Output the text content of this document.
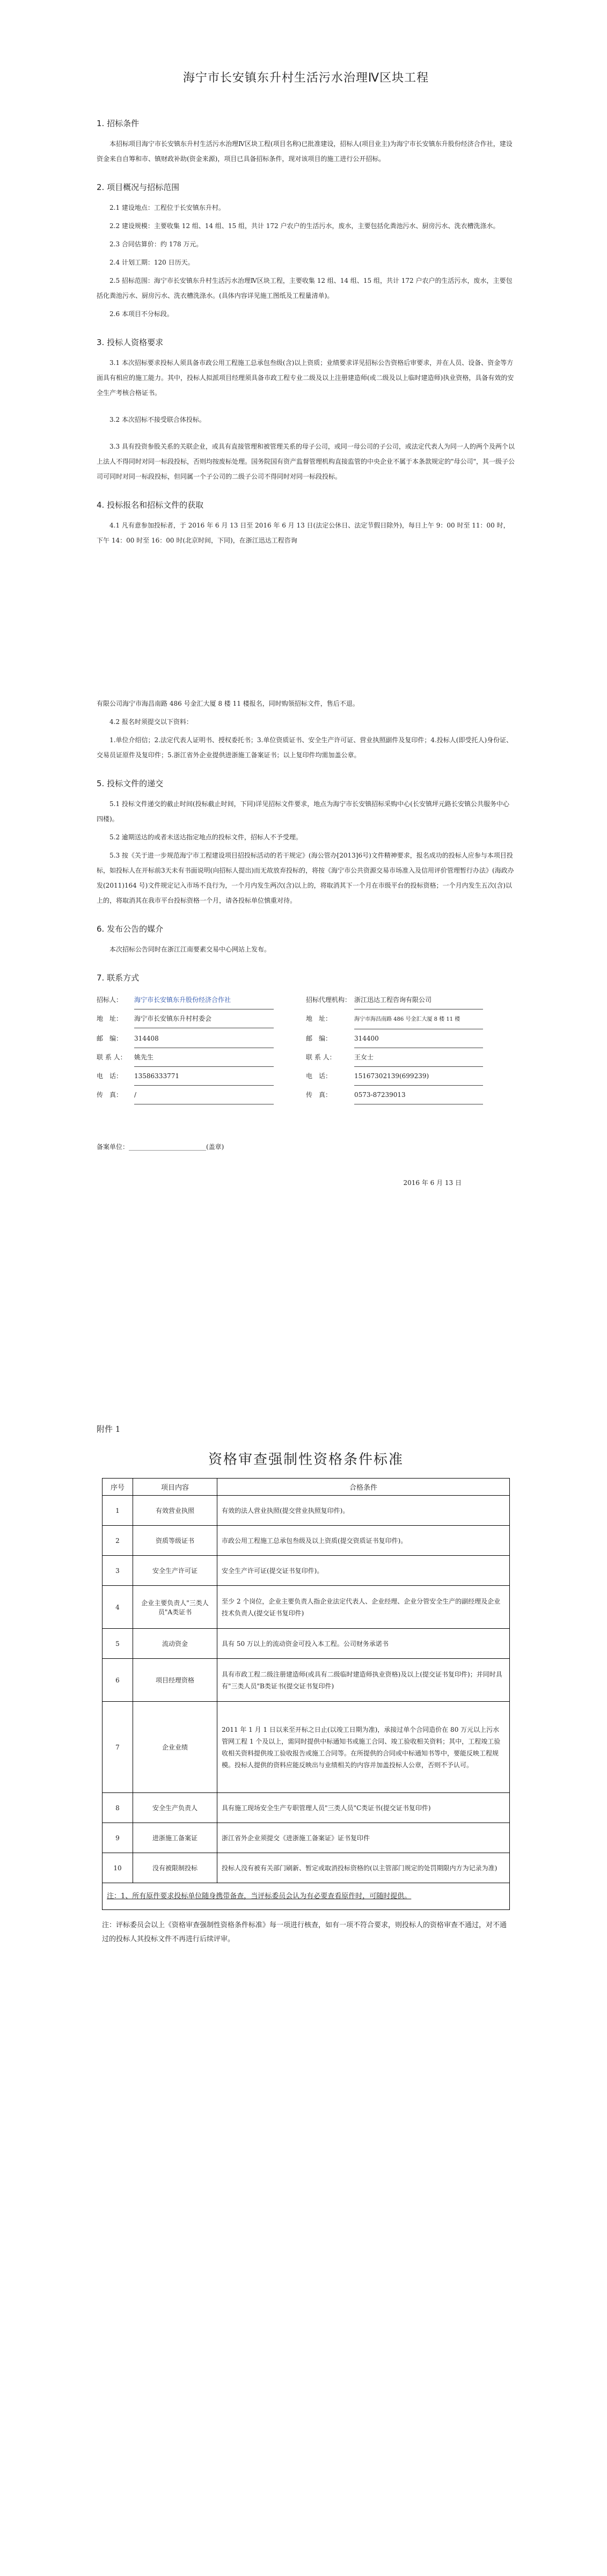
海宁市长安镇东升村生活污水治理Ⅳ区块工程
1. 招标条件

本招标项目海宁市长安镇东升村生活污水治理Ⅳ区块工程(项目名称)已批准建设，招标人(项目业主)为海宁市长安镇东升股份经济合作社，建设资金来自自筹和市、镇财政补助(资金来源)，项目已具备招标条件，现对该项目的施工进行公开招标。

2. 项目概况与招标范围

2.1 建设地点：工程位于长安镇东升村。

2.2 建设规模：主要收集 12 组、14 组、15 组，共计 172 户农户的生活污水，废水，主要包括化粪池污水、厨房污水、洗衣槽洗涤水。

2.3 合同估算价：约 178 万元。

2.4 计划工期：120 日历天。

2.5 招标范围：海宁市长安镇东升村生活污水治理Ⅳ区块工程，主要收集 12 组、14 组、15 组，共计 172 户农户的生活污水，废水，主要包括化粪池污水、厨房污水、洗衣槽洗涤水。(具体内容详见施工图纸及工程量清单)。

2.6 本项目不分标段。

3. 投标人资格要求

3.1 本次招标要求投标人须具备市政公用工程施工总承包叁级(含)以上资质；业绩要求详见招标公告资格后审要求，并在人员、设备、资金等方面具有相应的施工能力。其中，投标人拟派项目经理须具备市政工程专业二级及以上注册建造师(或二级及以上临时建造师)执业资格，具备有效的安全生产考核合格证书。

3.2 本次招标不接受联合体投标。

3.3 具有投资参股关系的关联企业，或具有直接管理和被管理关系的母子公司，或同一母公司的子公司，或法定代表人为同一人的两个及两个以上法人不得同时对同一标段投标，否则均按废标处理。国务院国有资产监督管理机构直接监管的中央企业不属于本条款规定的"母公司"，其一级子公司可同时对同一标段投标，但同属一个子公司的二级子公司不得同时对同一标段投标。

4. 投标报名和招标文件的获取

4.1 凡有意参加投标者，于 2016 年 6 月 13 日至 2016 年 6 月 13 日(法定公休日、法定节假日除外)，每日上午 9：00 时至 11：00 时，下午 14：00 时至 16：00 时(北京时间，下同)，在浙江迅达工程咨询

有限公司海宁市海昌南路 486 号金汇大厦 8 楼 11 楼报名，同时购领招标文件，售后不退。

4.2 报名时须提交以下资料：

1.单位介绍信；2.法定代表人证明书、授权委托书；3.单位资质证书、安全生产许可证、营业执照副件及复印件；4.投标人(即受托人)身份证、交易员证原件及复印件；5.浙江省外企业提供进浙施工备案证书；以上复印件均需加盖公章。

5. 投标文件的递交

5.1 投标文件递交的截止时间(投标截止时间，下同)详见招标文件要求，地点为海宁市长安镇招标采购中心(长安镇坪元路长安镇公共服务中心四楼)。

5.2 逾期送达的或者未送达指定地点的投标文件，招标人不予受理。

5.3 按《关于进一步规范海宁市工程建设项目招投标活动的若干规定》(海公管办[2013]6号)文件精神要求，报名成功的投标人应参与本项目投标，如投标人在开标前3天未有书面说明(向招标人提出)而无故放弃投标的，将按《海宁市公共资源交易市场准入及信用评价管理暂行办法》(海政办发(2011)164 号)文件规定记入市场不良行为，一个月内发生两次(含)以上的，将取消其下一个月在市级平台的投标资格；一个月内发生五次(含)以上的，将取消其在我市平台投标资格一个月，请各投标单位慎重对待。

6. 发布公告的媒介

本次招标公告同时在浙江江南要素交易中心网站上发布。

7. 联系方式
招标人： 海宁市长安镇东升股份经济合作社	招标代理机构： 浙江迅达工程咨询有限公司
地　址： 海宁市长安镇东升村村委会	地　址：	海宁市海昌南路 486 号金汇大厦 8 楼 11 楼
邮　编： 314408	邮　编：	314400
联 系 人： 姚先生	联 系 人：	王女士
电　话： 13586333771	电　话：	15167302139(699239)
传　真： /	传　真：	0573-87239013
备案单位：________________________(盖章)
2016 年 6 月 13 日
附件 1
资格审查强制性资格条件标准
序号	项目内容	合格条件
1	有效营业执照	有效的法人营业执照(提交营业执照复印件)。
2	资质等级证书	市政公用工程施工总承包叁级及以上资质(提交资质证书复印件)。
3	安全生产许可证	安全生产许可证(提交证书复印件)。
4	企业主要负责人"三类人员"A类证书	至少 2 个岗位，企业主要负责人指企业法定代表人、企业经理、企业分管安全生产的副经理及企业技术负责人(提交证书复印件)
5	流动资金	具有 50 万以上的流动资金可投入本工程。公司财务承诺书
6	项目经理资格	具有市政工程二级注册建造师(或具有二级临时建造师执业资格)及以上(提交证书复印件)；并同时具有"三类人员"B类证书(提交证书复印件)
7	企业业绩	2011 年 1 月 1 日以来至开标之日止(以竣工日期为准)，承接过单个合同造价在 80 万元以上污水管网工程 1 个及以上，需同时提供中标通知书或施工合同、竣工验收相关资料；其中，工程竣工验收相关资料提供竣工验收报告或施工合同等。在所提供的合同或中标通知书等中，要能反映工程规模。投标人提供的资料应能反映出与业绩相关的内容并加盖投标人公章，否则不予认可。
8	安全生产负责人	具有施工现场安全生产专职管理人员"三类人员"C类证书(提交证书复印件)
9	进浙施工备案证	浙江省外企业须提交《进浙施工备案证》证书复印件
10	没有被限制投标	投标人没有被有关部门刷新、暂定或取消投标资格的(以主管部门规定的处罚期限内方为记录为准)
注：1、所有原件要求投标单位随身携带备查，当评标委员会认为有必要查看原件时，可随时提供。		
注：评标委员会以上《资格审查强制性资格条件标准》每一项进行核查，如有一项不符合要求，则投标人的资格审查不通过，对不通过的投标人其投标文件不再进行后续评审。
